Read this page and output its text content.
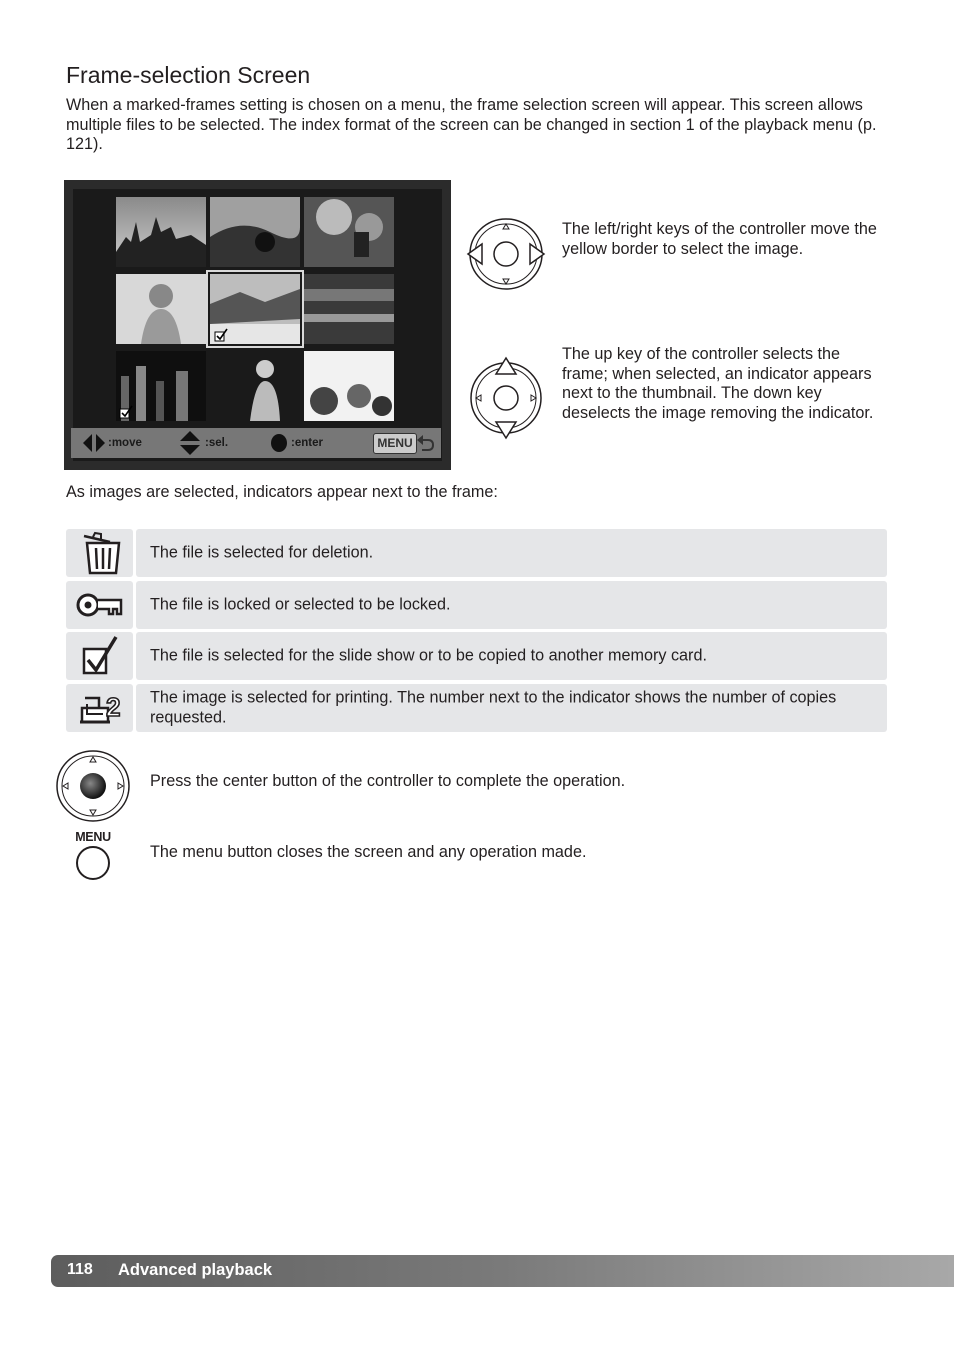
Frame-selection Screen

When a marked-frames setting is chosen on a menu, the frame selection screen will appear. This screen allows multiple files to be selected. The index format of the screen can be changed in section 1 of the playback menu (p. 121).

:move	:sel.	:enter	MENU

The left/right keys of the controller move the yellow border to select the image.

The up key of the controller selects the frame; when selected, an indicator appears next to the thumbnail. The down key deselects the image removing the indicator.

As images are selected, indicators appear next to the frame:

The file is selected for deletion.
The file is locked or selected to be locked.
The file is selected for the slide show or to be copied to another memory card.
2 The image is selected for printing. The number next to the indicator shows the number of copies requested.

Press the center button of the controller to complete the operation.

MENU

The menu button closes the screen and any operation made.

118 Advanced playback
